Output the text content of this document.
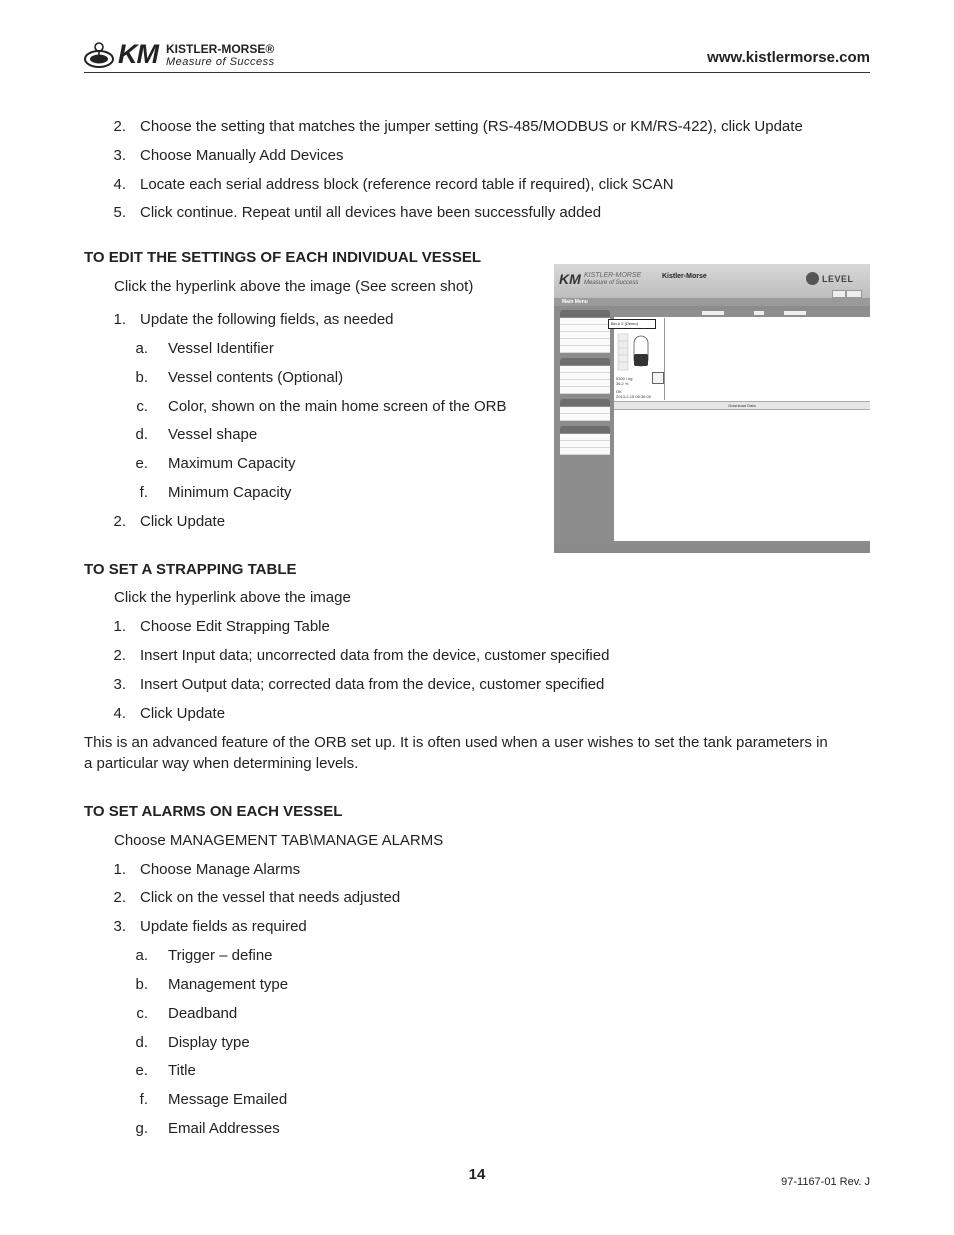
KM KISTLER-MORSE®
Measure of Success	www.kistlermorse.com
2. Choose the setting that matches the jumper setting (RS-485/MODBUS or KM/RS-422), click Update
3. Choose Manually Add Devices
4. Locate each serial address block (reference record table if required), click SCAN
5. Click continue. Repeat until all devices have been successfully added
TO EDIT THE SETTINGS OF EACH INDIVIDUAL VESSEL
Click the hyperlink above the image (See screen shot)
1. Update the following fields, as needed
a. Vessel Identifier
b. Vessel contents (Optional)
c. Color, shown on the main home screen of the ORB
d. Vessel shape
e. Maximum Capacity
f. Minimum Capacity
2. Click Update
KM KISTLER-MORSE
Measure of Success
Kistler-Morse	LEVEL
Main Menu
Bin # 2 (Demo)
5300 / kg
36.2 %
OK
2013-2-15 06:30:00
Download Data
TO SET A STRAPPING TABLE
Click the hyperlink above the image
1. Choose Edit Strapping Table
2. Insert Input data; uncorrected data from the device, customer specified
3. Insert Output data; corrected data from the device, customer specified
4. Click Update
This is an advanced feature of the ORB set up. It is often used when a user wishes to set the tank parameters in
a particular way when determining levels.
TO SET ALARMS ON EACH VESSEL
Choose MANAGEMENT TAB\MANAGE ALARMS
1. Choose Manage Alarms
2. Click on the vessel that needs adjusted
3. Update fields as required
a. Trigger – define
b. Management type
c. Deadband
d. Display type
e. Title
f. Message Emailed
g. Email Addresses
14	97-1167-01 Rev. J
